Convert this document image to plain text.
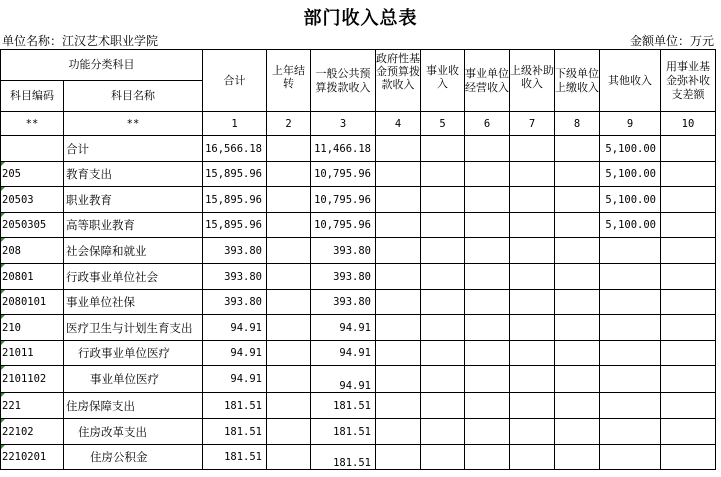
部门收入总表
单位名称：江汉艺术职业学院	金额单位：万元
功能分类科目		合计	上年结转	一般公共预算拨款收入	政府性基金预算拨款收入	事业收入	事业单位经营收入	上级补助收入	下级单位上缴收入	其他收入	用事业基金弥补收支差额
科目编码	科目名称										
**	**	1	2	3	4	5	6	7	8	9	10
	合计	16,566.18		11,466.18						5,100.00	

205	教育支出	15,895.96		10,795.96						5,100.00	

20503	职业教育	15,895.96		10,795.96						5,100.00	

2050305	高等职业教育	15,895.96		10,795.96						5,100.00	

208	社会保障和就业	393.80		393.80							

20801	行政事业单位社会	393.80		393.80							

2080101	事业单位社保	393.80		393.80							

210	医疗卫生与计划生育支出	94.91		94.91							

21011	行政事业单位医疗	94.91		94.91							

2101102	事业单位医疗	94.91		94.91							

221	住房保障支出	181.51		181.51							

22102	住房改革支出	181.51		181.51							

2210201	住房公积金	181.51		181.51							
